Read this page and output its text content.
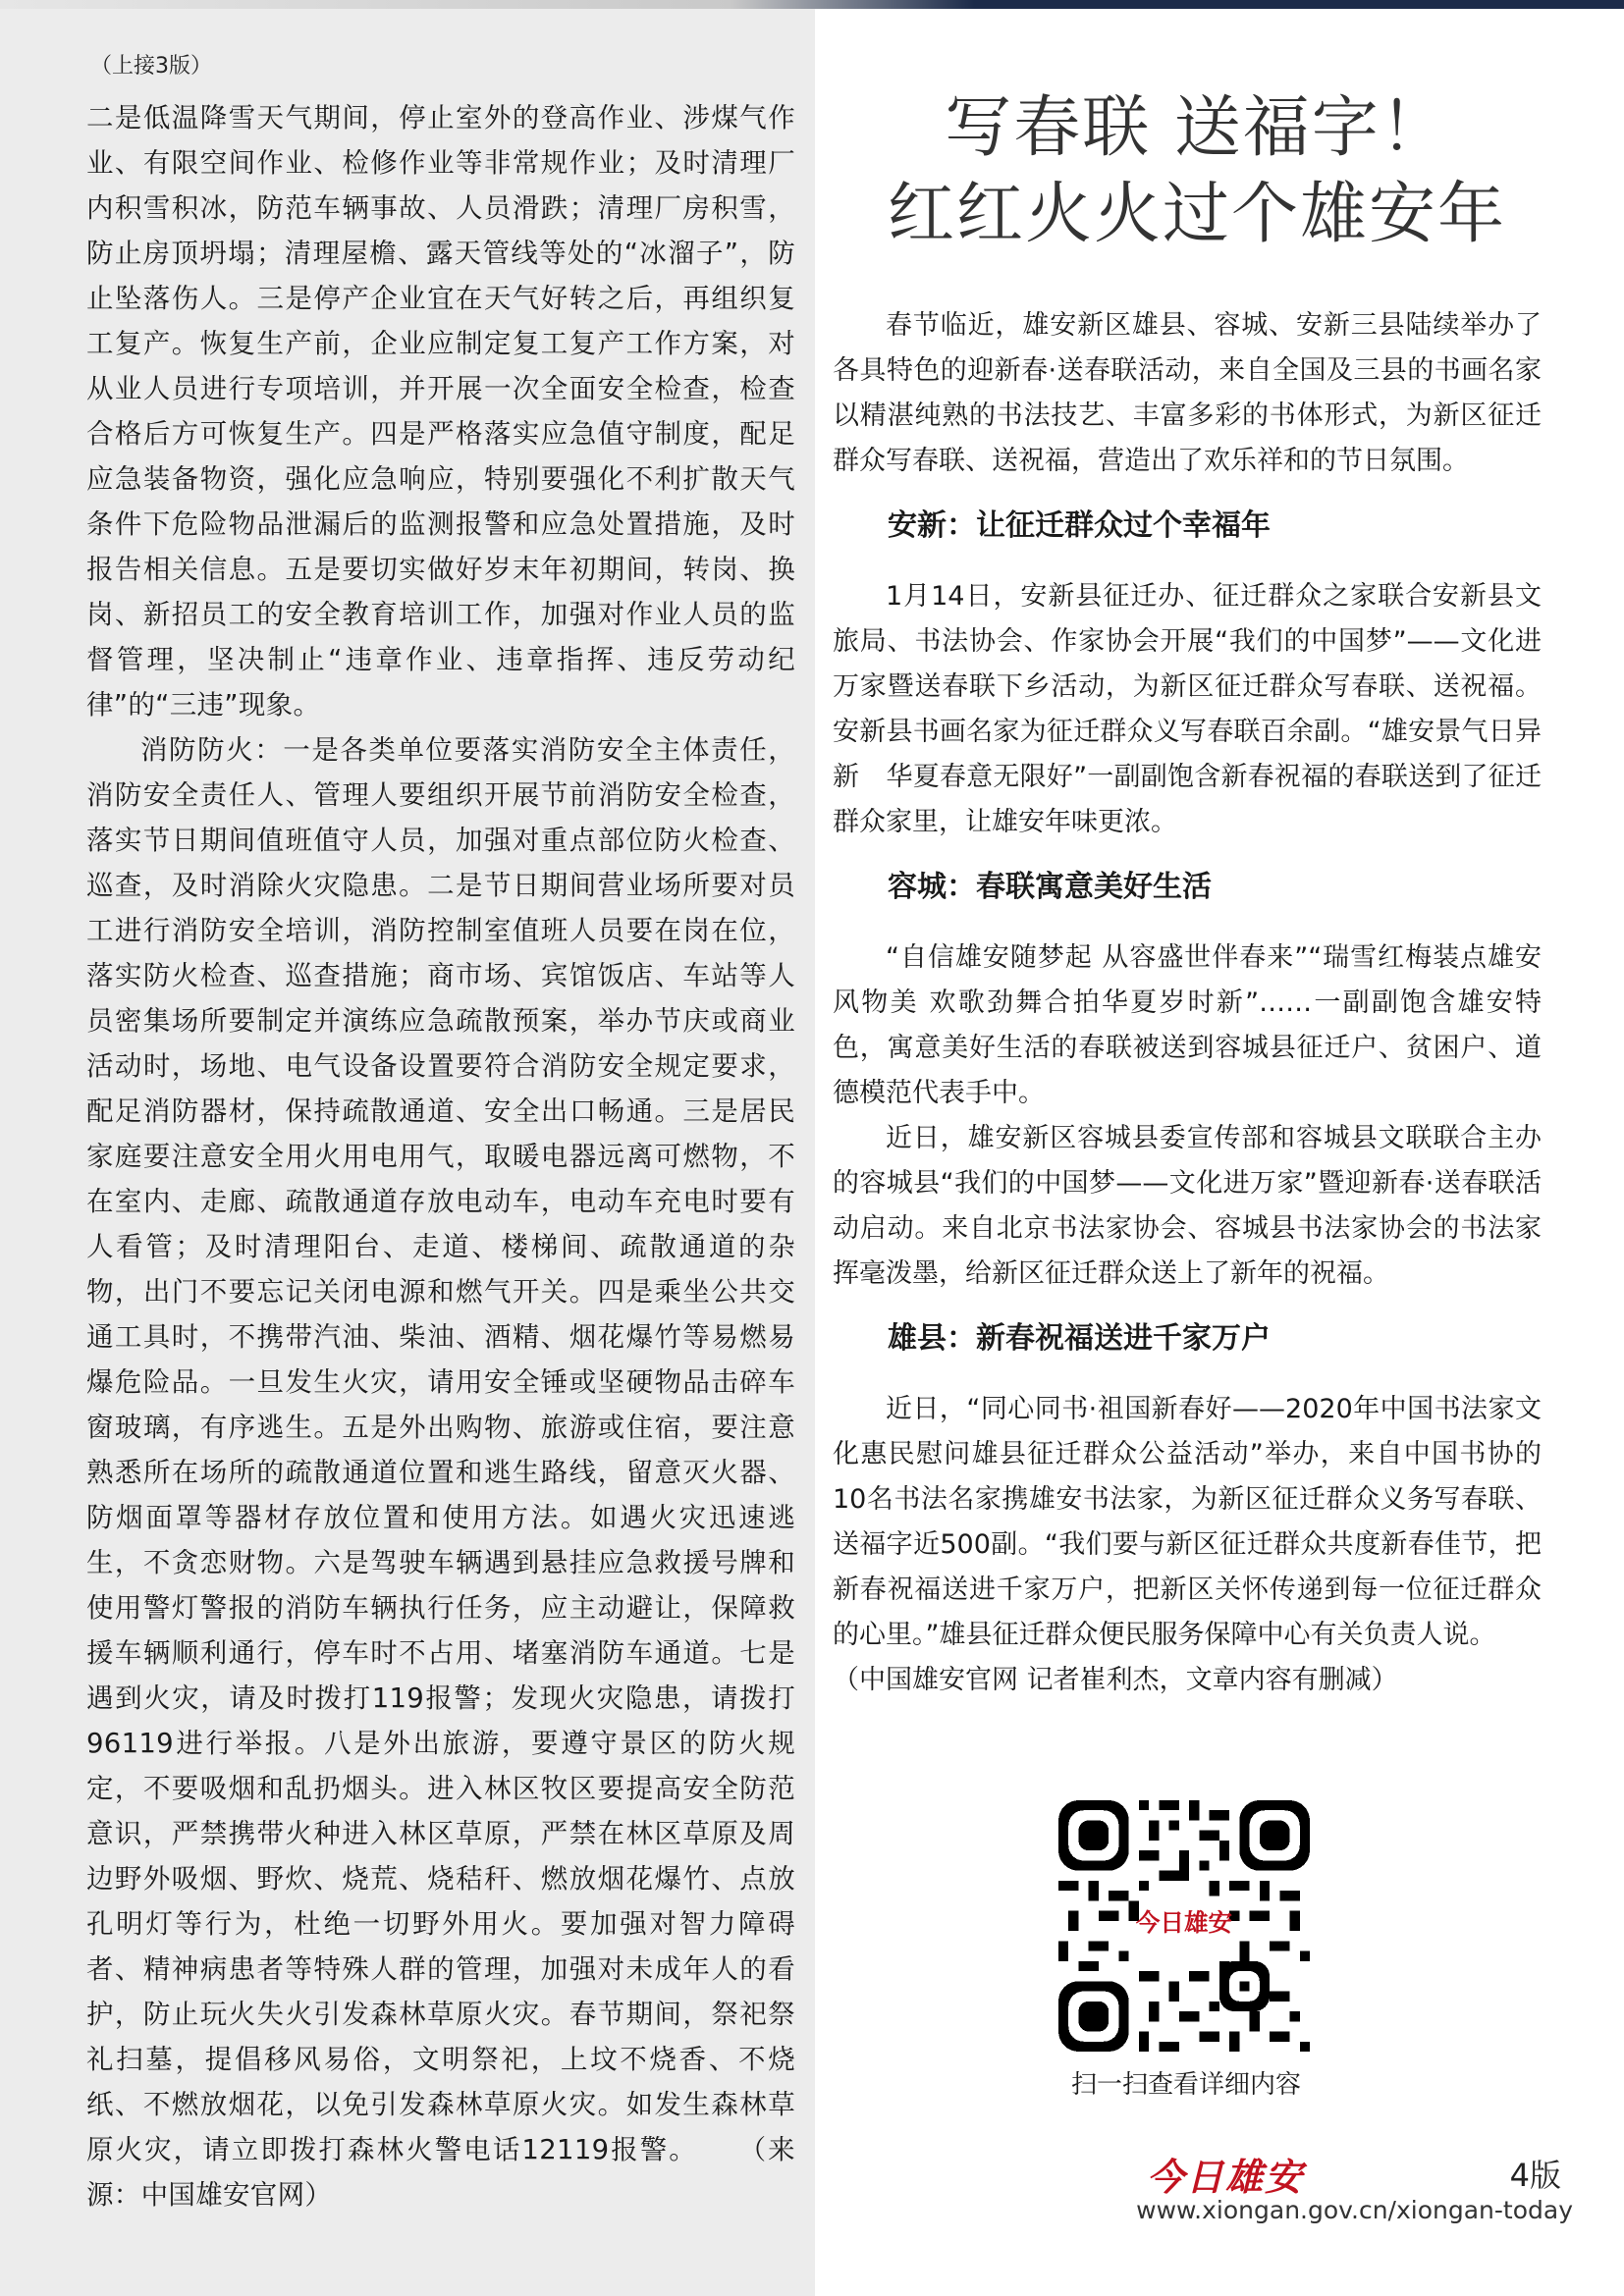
（上接3版）

二是低温降雪天气期间，停止室外的登高作业、涉煤气作业、有限空间作业、检修作业等非常规作业；及时清理厂内积雪积冰，防范车辆事故、人员滑跌；清理厂房积雪，防止房顶坍塌；清理屋檐、露天管线等处的“冰溜子”，防止坠落伤人。三是停产企业宜在天气好转之后，再组织复工复产。恢复生产前，企业应制定复工复产工作方案，对从业人员进行专项培训，并开展一次全面安全检查，检查合格后方可恢复生产。四是严格落实应急值守制度，配足应急装备物资，强化应急响应，特别要强化不利扩散天气条件下危险物品泄漏后的监测报警和应急处置措施，及时报告相关信息。五是要切实做好岁末年初期间，转岗、换岗、新招员工的安全教育培训工作，加强对作业人员的监督管理，坚决制止“违章作业、违章指挥、违反劳动纪律”的“三违”现象。

消防防火：一是各类单位要落实消防安全主体责任，消防安全责任人、管理人要组织开展节前消防安全检查，落实节日期间值班值守人员，加强对重点部位防火检查、巡查，及时消除火灾隐患。二是节日期间营业场所要对员工进行消防安全培训，消防控制室值班人员要在岗在位，落实防火检查、巡查措施；商市场、宾馆饭店、车站等人员密集场所要制定并演练应急疏散预案，举办节庆或商业活动时，场地、电气设备设置要符合消防安全规定要求，配足消防器材，保持疏散通道、安全出口畅通。三是居民家庭要注意安全用火用电用气，取暖电器远离可燃物，不在室内、走廊、疏散通道存放电动车，电动车充电时要有人看管；及时清理阳台、走道、楼梯间、疏散通道的杂物，出门不要忘记关闭电源和燃气开关。四是乘坐公共交通工具时，不携带汽油、柴油、酒精、烟花爆竹等易燃易爆危险品。一旦发生火灾，请用安全锤或坚硬物品击碎车窗玻璃，有序逃生。五是外出购物、旅游或住宿，要注意熟悉所在场所的疏散通道位置和逃生路线，留意灭火器、防烟面罩等器材存放位置和使用方法。如遇火灾迅速逃生，不贪恋财物。六是驾驶车辆遇到悬挂应急救援号牌和使用警灯警报的消防车辆执行任务，应主动避让，保障救援车辆顺利通行，停车时不占用、堵塞消防车通道。七是遇到火灾，请及时拨打119报警；发现火灾隐患，请拨打96119进行举报。八是外出旅游，要遵守景区的防火规定，不要吸烟和乱扔烟头。进入林区牧区要提高安全防范意识，严禁携带火种进入林区草原，严禁在林区草原及周边野外吸烟、野炊、烧荒、烧秸秆、燃放烟花爆竹、点放孔明灯等行为，杜绝一切野外用火。要加强对智力障碍者、精神病患者等特殊人群的管理，加强对未成年人的看护，防止玩火失火引发森林草原火灾。春节期间，祭祀祭礼扫墓，提倡移风易俗，文明祭祀，上坟不烧香、不烧纸、不燃放烟花，以免引发森林草原火灾。如发生森林草原火灾，请立即拨打森林火警电话12119报警。 （来源：中国雄安官网）

写春联 送福字！
红红火火过个雄安年

春节临近，雄安新区雄县、容城、安新三县陆续举办了各具特色的迎新春·送春联活动，来自全国及三县的书画名家以精湛纯熟的书法技艺、丰富多彩的书体形式，为新区征迁群众写春联、送祝福，营造出了欢乐祥和的节日氛围。

安新：让征迁群众过个幸福年

1月14日，安新县征迁办、征迁群众之家联合安新县文旅局、书法协会、作家协会开展“我们的中国梦”——文化进万家暨送春联下乡活动，为新区征迁群众写春联、送祝福。安新县书画名家为征迁群众义写春联百余副。“雄安景气日异新　华夏春意无限好”一副副饱含新春祝福的春联送到了征迁群众家里，让雄安年味更浓。

容城：春联寓意美好生活

“自信雄安随梦起 从容盛世伴春来”“瑞雪红梅装点雄安风物美 欢歌劲舞合拍华夏岁时新”……一副副饱含雄安特色，寓意美好生活的春联被送到容城县征迁户、贫困户、道德模范代表手中。

近日，雄安新区容城县委宣传部和容城县文联联合主办的容城县“我们的中国梦——文化进万家”暨迎新春·送春联活动启动。来自北京书法家协会、容城县书法家协会的书法家挥毫泼墨，给新区征迁群众送上了新年的祝福。

雄县：新春祝福送进千家万户

近日，“同心同书·祖国新春好——2020年中国书法家文化惠民慰问雄县征迁群众公益活动”举办，来自中国书协的10名书法名家携雄安书法家，为新区征迁群众义务写春联、送福字近500副。“我们要与新区征迁群众共度新春佳节，把新春祝福送进千家万户，把新区关怀传递到每一位征迁群众的心里。”雄县征迁群众便民服务保障中心有关负责人说。

（中国雄安官网 记者崔利杰，文章内容有删减）

今日雄安
扫一扫查看详细内容
今日雄安	4版
www.xiongan.gov.cn/xiongan-today
